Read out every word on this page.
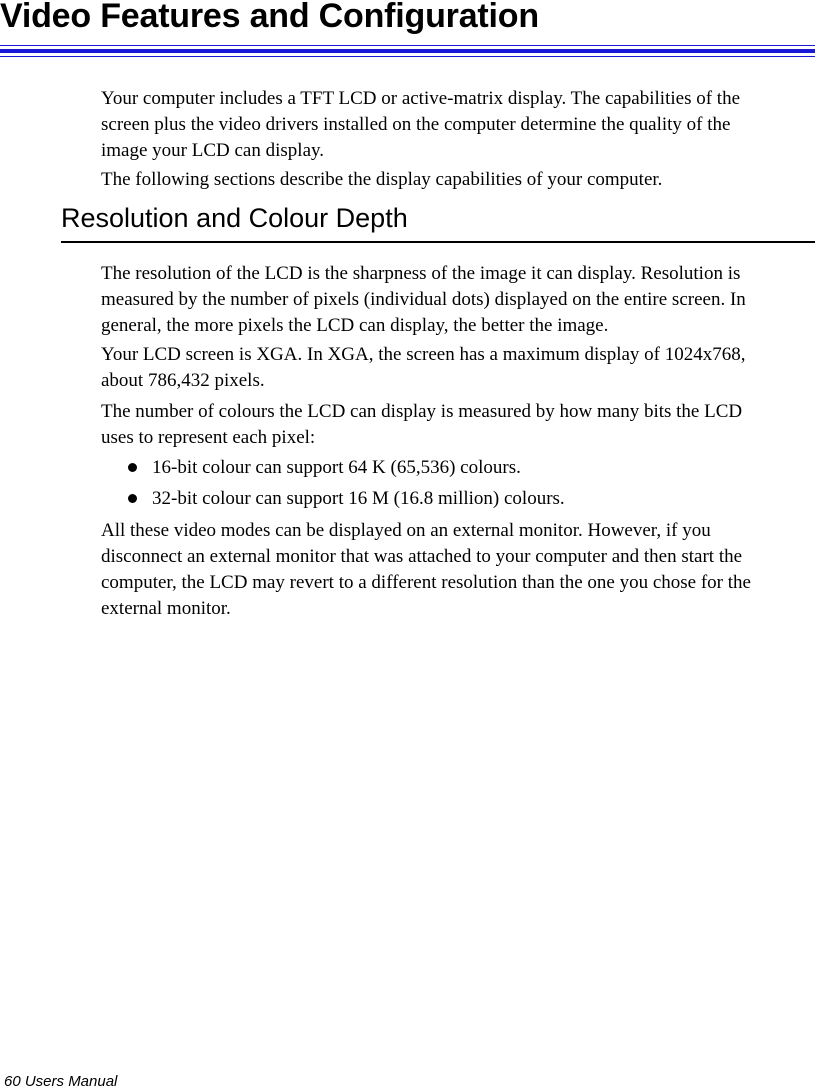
Video Features and Configuration

Your computer includes a TFT LCD or active-matrix display. The capabilities of the

screen plus the video drivers installed on the computer determine the quality of the

image your LCD can display.

The following sections describe the display capabilities of your computer.

Resolution and Colour Depth

The resolution of the LCD is the sharpness of the image it can display. Resolution is

measured by the number of pixels (individual dots) displayed on the entire screen. In

general, the more pixels the LCD can display, the better the image.

Your LCD screen is XGA. In XGA, the screen has a maximum display of 1024x768,

about 786,432 pixels.

The number of colours the LCD can display is measured by how many bits the LCD

uses to represent each pixel:

16-bit colour can support 64 K (65,536) colours.
32-bit colour can support 16 M (16.8 million) colours.

All these video modes can be displayed on an external monitor. However, if you

disconnect an external monitor that was attached to your computer and then start the

computer, the LCD may revert to a different resolution than the one you chose for the

external monitor.

60 Users Manual
